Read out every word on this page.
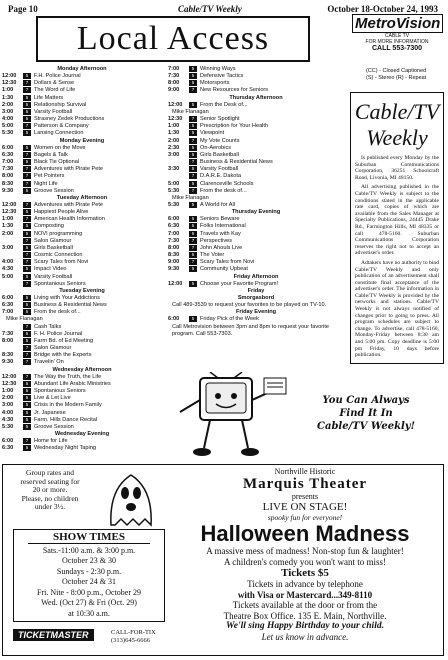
Page 10	Cable/TV Weekly	October 18-October 24, 1993
Local Access	MetroVision
CABLE TV
FOR MORE INFORMATION
CALL 553-7300
(CC) - Closed Captioned
(S) - Stereo (R) - Repeat
Monday Afternoon
12:00	5	F.H. Police Journal
12:30	7	Dollars & Sense
1:00	7	The Word of Life
1:30	5	Life Matters
2:00	5	Relationship Survival
3:00	5	Varsity Football
4:00	5	Strasney Zedek Productions
5:00	7	Patterson & Company
5:30	5	Lansing Connection
Monday Evening
6:00	5	Women on the Move
6:30	7	Bagels & Talk
7:00	5	Black Tie Optional
7:30	7	Adventures with Pirate Pete
8:00	7	Pet Pointers
8:30	7	Night Life
9:30	5	Groove Session
Tuesday Afternoon
12:00	7	Adventures with Pirate Pete
12:30	5	Happiest People Alive
1:00	7	American Health Information
1:30	5	Composting
2:00	5	NOVI programming
7	Salon Glamour
3:00	5	Girls Basketball
7	Cosmic Connection
4:00	7	Scary Tales from Novi
4:30	5	Impact Video
5:00	5	Varsity Football
7	Spontanious Seniors
Tuesday Evening
6:00	5	Living with Your Addictions
6:30	5	Business & Residential News
7:00	5	From the desk of...
Mike Flanagan
7	Cash Talks
7:30	5	F. H. Police Journal
8:00	5	Farm Bd. of Ed Meeting
7	Salon Glamour
8:30	7	Bridge with the Experts
9:30	7	Travelin' On
Wednesday Afternoon
12:00	7	The Way the Truth, the Life
12:30	5	Abundant Life Arabic Ministries
1:00	5	Spontanious Seniors
2:00	5	Live & Let Live
3:00	5	Crisis in the Modern Family
4:00	5	Jr. Japanese
4:30	5	Farm. Hills Dance Recital
5:30	5	Groove Session
Wednesday Evening
6:00	7	Home for Life
6:30	5	Wednesday Night Taping
7:00	5	Winning Ways
7:30	5	Defensive Tactics
8:00	5	Motorsports
9:00	7	New Resources for Seniors
Thursday Afternoon
12:00	5	From the Desk of...
Mike Flanagan
12:30	7	Senior Spotlight
1:00	5	Prescription for Your Health
1:30	5	Viewpoint
2:00	7	My Vote Counts
2:30	5	On-Aerobics
3:00	5	Girls Basketball
7	Business & Residential News
3:30	5	Varsity Football
7	D.A.R.E. Dakota
5:00	5	Clarenceville Schools
5:30	7	From the desk of...
Mike Flanagan
5:30	5	A World for All
Thursday Evening
6:00	5	Seniors Beware
6:30	5	Folks International
7:00	5	Travels with Kay
7:30	7	Perspectives
8:00	7	John Ahouls Live
8:30	5	The Voter
9:00	7	Scary Tales from Novi
9:30	5	Community Upbeat
Friday Afternoon
12:00	5	Choose your Favorite Program!
Friday
Smorgasbord
Call 489-3539 to request your favorites to be played on TV-10.
Friday Evening
6:00	5	Friday Pick of the Week
Call Metrovision between 3pm and 8pm to request your favorite program. Call 553-7303.
Cable/TV Weekly

Is published every Monday by the Suburban Communications Corporation, 36251 Schoolcraft Road, Livonia, MI 48150.

All advertising published in the Cable/TV Weekly is subject to the conditions stated in the applicable rate card, copies of which are available from the Sales Manager at Specialty Publications, 24445 Drake Rd., Farmington Hills, MI 48335 or call 478-5160. Suburban Communications Corporation reserves the right not to accept an advertiser's order.

Adtakers have no authority to bind Cable/TV Weekly and only publication of an advertisement shall constitute final acceptance of the advertiser's order. The information in Cable/TV Weekly is provided by the networks and stations. Cable/TV Weekly is not always notified of changes prior to going to press. All program schedules are subject to change. To advertise, call 478-5160, Monday-Friday between 8:30 am and 5:00 pm. Copy deadline is 5:00 pm Friday, 10 days before publication.

You Can Always
Find It In
Cable/TV Weekly!
Group rates and
reserved seating for
20 or more.
Please, no children
under 3½.
SHOW TIMES
Sats.-11:00 a.m. & 3:00 p.m.
October 23 & 30
Sundays - 2:30 p.m.
October 24 & 31
Fri. Nite - 8:00 p.m., October 29
Wed. (Oct 27) & Fri (Oct. 29)
at 10:30 a.m.
TICKETMASTER	CALL-FOR-TIX
(313)645-6666
Northville Historic
Marquis Theater
presents
LIVE ON STAGE!
spooky fun for everyone!
Halloween Madness
A massive mess of madness! Non-stop fun & laughter!
A children's comedy you won't want to miss!
Tickets $5
Tickets in advance by telephone
with Visa or Mastercard...349-8110
Tickets available at the door or from the
Theatre Box Office. 135 E. Main, Northville.
We'll sing Happy Birthday to your child.
Let us know in advance.
